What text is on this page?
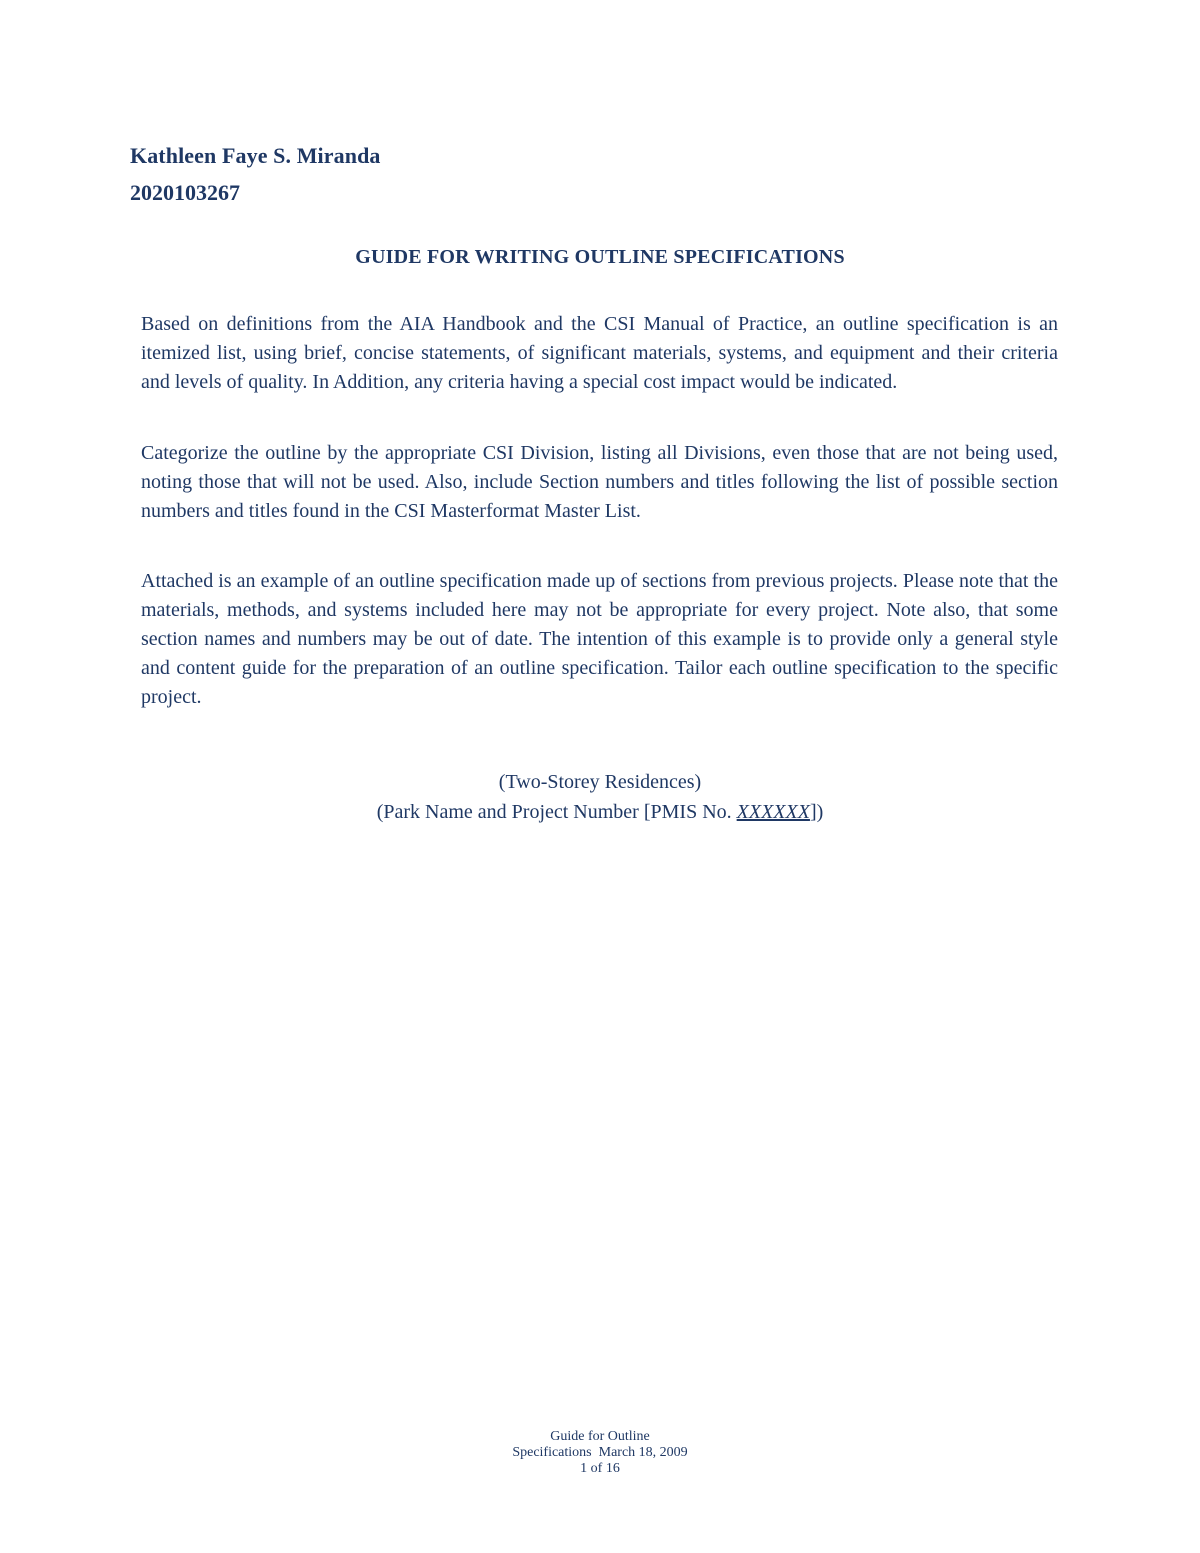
Kathleen Faye S. Miranda
2020103267
GUIDE FOR WRITING OUTLINE SPECIFICATIONS

Based on definitions from the AIA Handbook and the CSI Manual of Practice, an outline specification is an itemized list, using brief, concise statements, of significant materials, systems, and equipment and their criteria and levels of quality. In Addition, any criteria having a special cost impact would be indicated.

Categorize the outline by the appropriate CSI Division, listing all Divisions, even those that are not being used, noting those that will not be used. Also, include Section numbers and titles following the list of possible section numbers and titles found in the CSI Masterformat Master List.

Attached is an example of an outline specification made up of sections from previous projects. Please note that the materials, methods, and systems included here may not be appropriate for every project. Note also, that some section names and numbers may be out of date. The intention of this example is to provide only a general style and content guide for the preparation of an outline specification. Tailor each outline specification to the specific project.

(Two-Storey Residences)
(Park Name and Project Number [PMIS No. XXXXXX])
Guide for Outline
Specifications  March 18, 2009
1 of 16
